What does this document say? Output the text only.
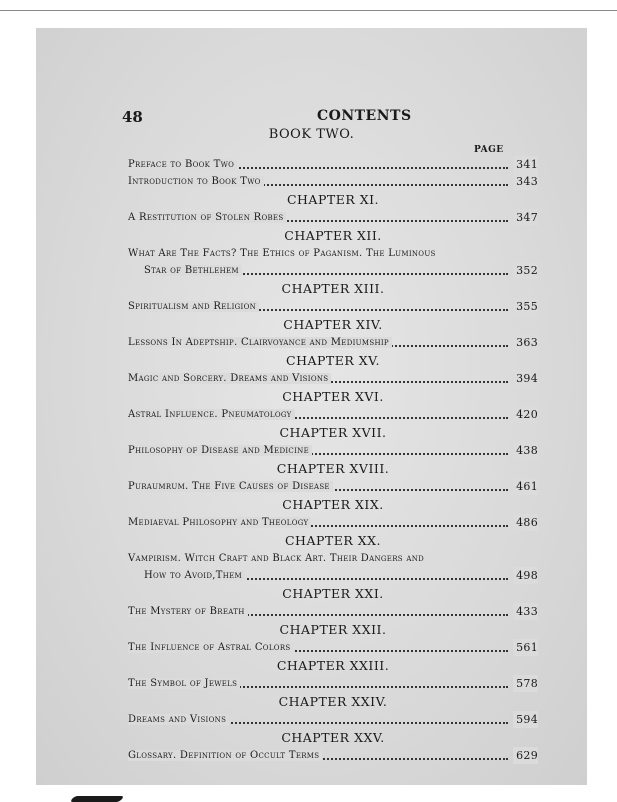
48	CONTENTS
BOOK TWO.
PAGE
Preface to Book Two	341
Introduction to Book Two	343
CHAPTER XI.
A Restitution of Stolen Robes	347
CHAPTER XII.
What Are The Facts? The Ethics of Paganism. The Luminous
Star of Bethlehem	352
CHAPTER XIII.
Spiritualism and Religion	355
CHAPTER XIV.
Lessons In Adeptship. Clairvoyance and Mediumship	363
CHAPTER XV.
Magic and Sorcery. Dreams and Visions	394
CHAPTER XVI.
Astral Influence. Pneumatology	420
CHAPTER XVII.
Philosophy of Disease and Medicine	438
CHAPTER XVIII.
Puraumrum. The Five Causes of Disease	461
CHAPTER XIX.
Mediaeval Philosophy and Theology	486
CHAPTER XX.
Vampirism. Witch Craft and Black Art. Their Dangers and
How to Avoid,Them	498
CHAPTER XXI.
The Mystery of Breath	433
CHAPTER XXII.
The Influence of Astral Colors	561
CHAPTER XXIII.
The Symbol of Jewels	578
CHAPTER XXIV.
Dreams and Visions	594
CHAPTER XXV.
Glossary. Definition of Occult Terms	629
